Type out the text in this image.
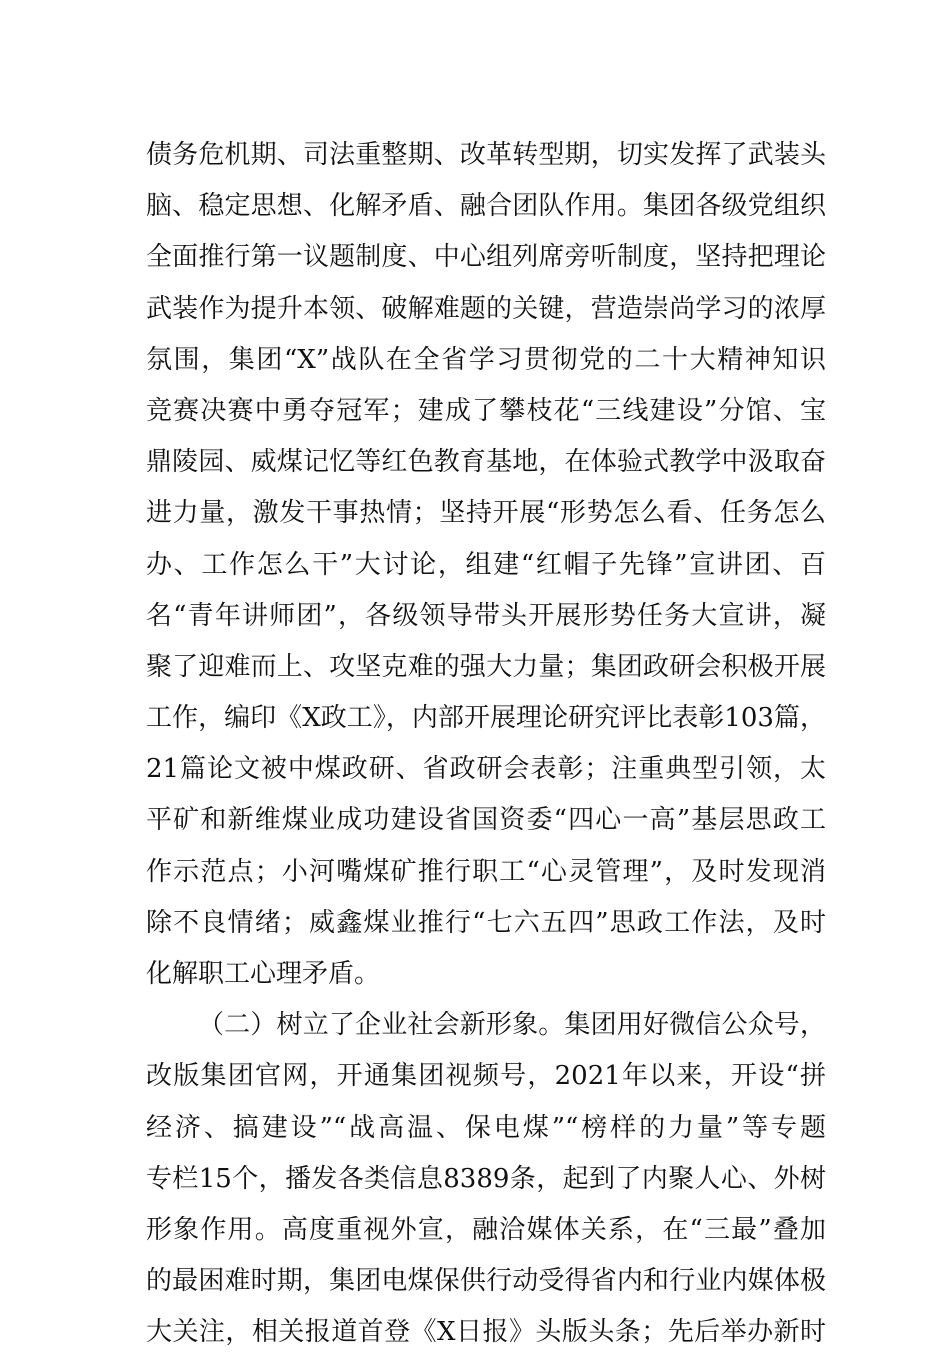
债务危机期、司法重整期、改革转型期，切实发挥了武装头
脑、稳定思想、化解矛盾、融合团队作用。集团各级党组织
全面推行第一议题制度、中心组列席旁听制度，坚持把理论
武装作为提升本领、破解难题的关键，营造崇尚学习的浓厚
氛围，集团“X”战队在全省学习贯彻党的二十大精神知识
竞赛决赛中勇夺冠军；建成了攀枝花“三线建设”分馆、宝
鼎陵园、威煤记忆等红色教育基地，在体验式教学中汲取奋
进力量，激发干事热情；坚持开展“形势怎么看、任务怎么
办、工作怎么干”大讨论，组建“红帽子先锋”宣讲团、百
名“青年讲师团”，各级领导带头开展形势任务大宣讲，凝
聚了迎难而上、攻坚克难的强大力量；集团政研会积极开展
工作，编印《X政工》，内部开展理论研究评比表彰103篇，
21篇论文被中煤政研、省政研会表彰；注重典型引领，太
平矿和新维煤业成功建设省国资委“四心一高”基层思政工
作示范点；小河嘴煤矿推行职工“心灵管理”，及时发现消
除不良情绪；威鑫煤业推行“七六五四”思政工作法，及时
化解职工心理矛盾。
（二）树立了企业社会新形象。集团用好微信公众号，
改版集团官网，开通集团视频号，2021年以来，开设“拼
经济、搞建设”“战高温、保电煤”“榜样的力量”等专题
专栏15个，播发各类信息8389条，起到了内聚人心、外树
形象作用。高度重视外宣，融洽媒体关系，在“三最”叠加
的最困难时期，集团电煤保供行动受得省内和行业内媒体极
大关注，相关报道首登《X日报》头版头条；先后举办新时
